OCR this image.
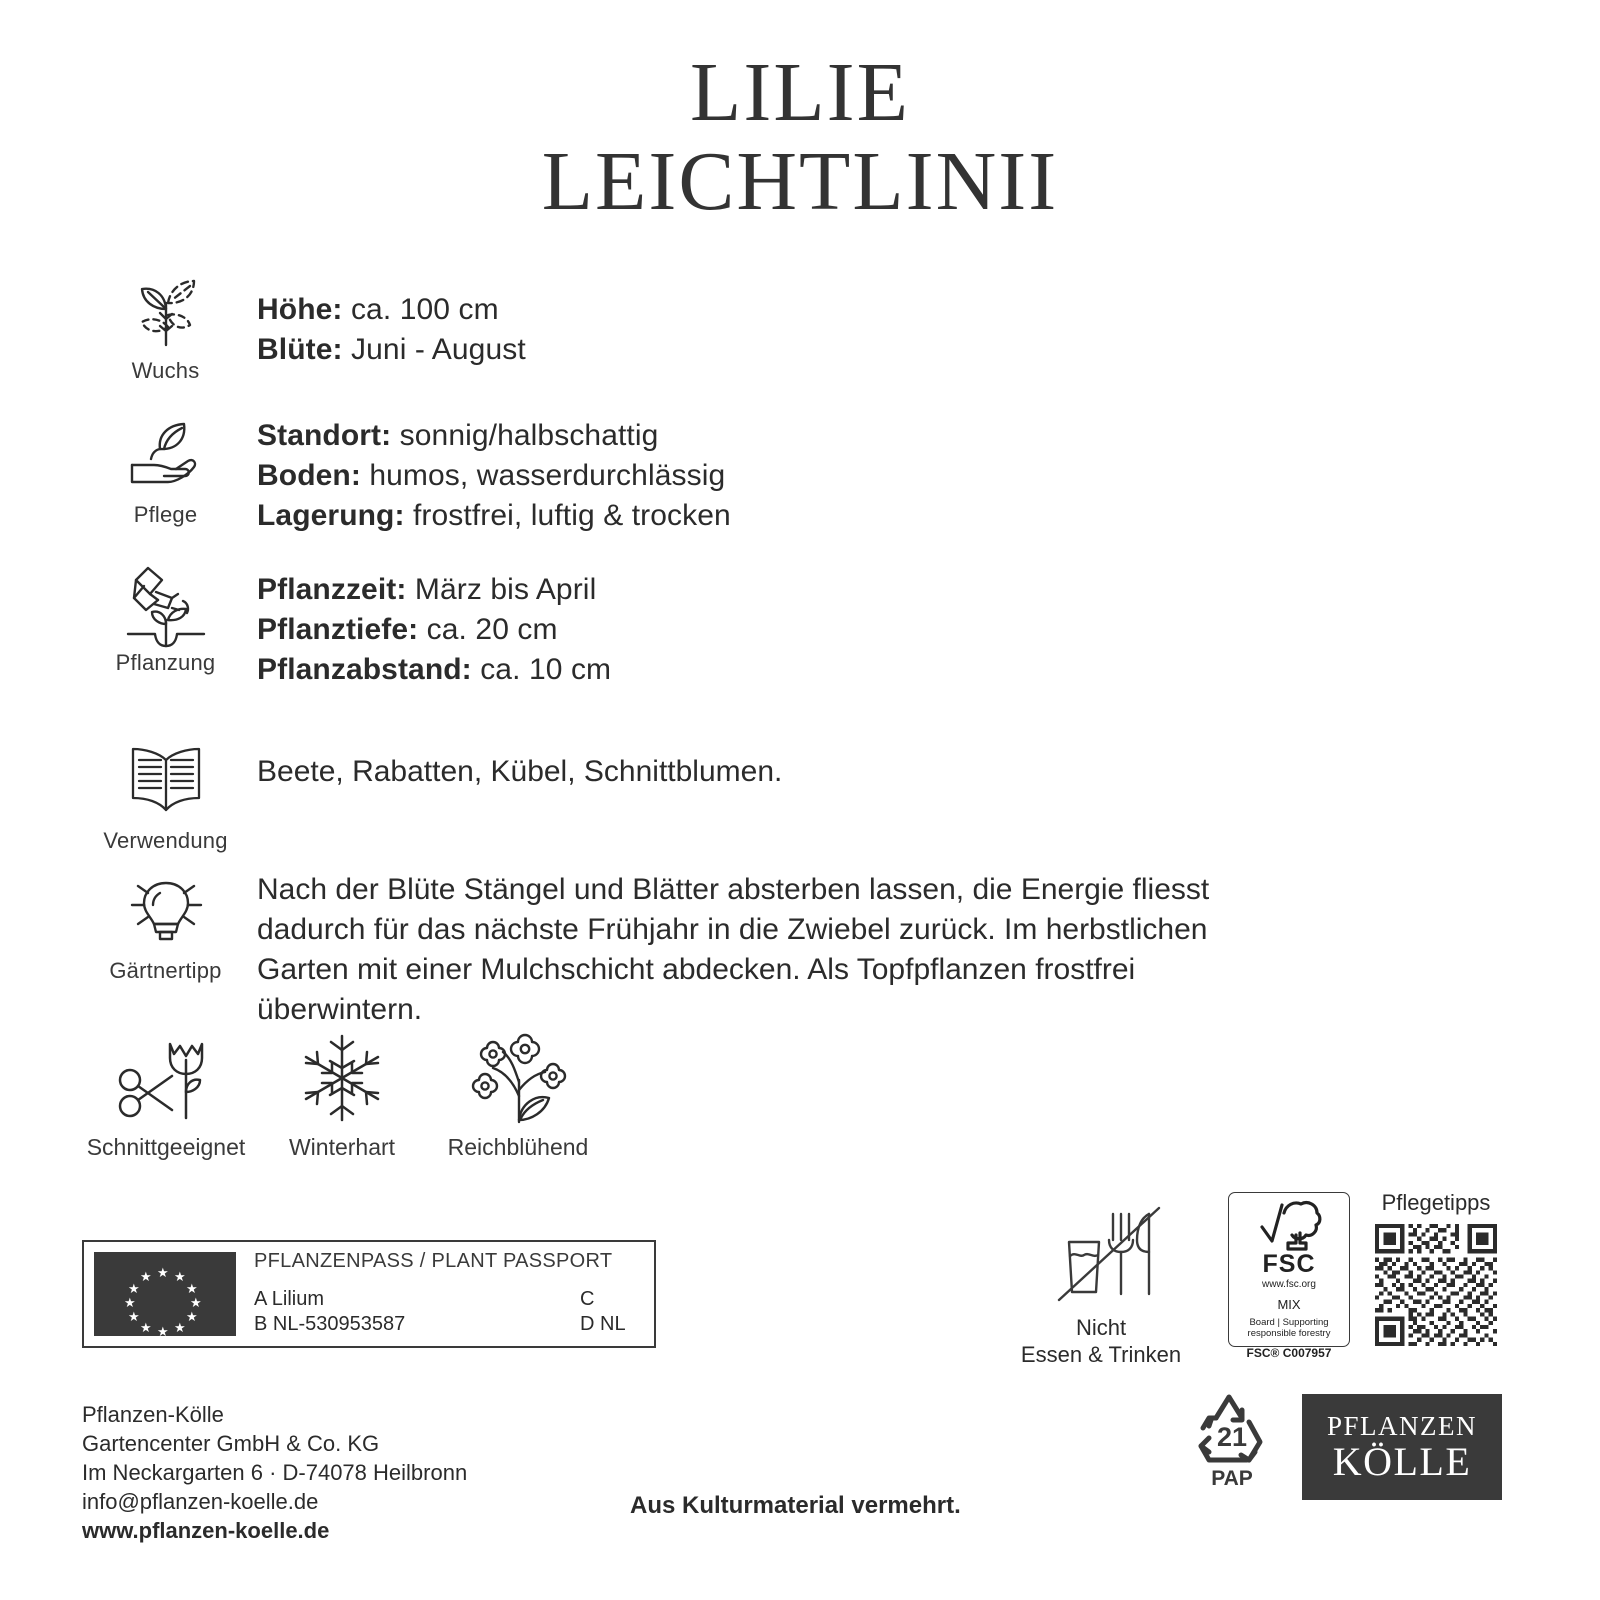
LILIE
LEICHTLINII
Wuchs
Höhe: ca. 100 cm
Blüte: Juni - August
Pflege
Standort: sonnig/halbschattig
Boden: humos, wasserdurchlässig
Lagerung: frostfrei, luftig & trocken
Pflanzung
Pflanzzeit: März bis April
Pflanztiefe: ca. 20 cm
Pflanzabstand: ca. 10 cm
Verwendung
Beete, Rabatten, Kübel, Schnittblumen.
Gärtnertipp
Nach der Blüte Stängel und Blätter absterben lassen, die Energie fliesst dadurch für das nächste Frühjahr in die Zwiebel zurück. Im herbstlichen Garten mit einer Mulchschicht abdecken. Als Topfpflanzen frostfrei überwintern.
Schnittgeeignet Winterhart Reichblühend
★
★ ★
★	★
★	★
★	★
★ ★
★
PFLANZENPASS / PLANT PASSPORT
A Lilium	C
B NL-530953587	D NL
Pflanzen-Kölle
Gartencenter GmbH & Co. KG
Im Neckargarten 6 · D-74078 Heilbronn
info@pflanzen-koelle.de
www.pflanzen-koelle.de
Aus Kulturmaterial vermehrt.
Nicht
Essen & Trinken
FSC
www.fsc.org
MIX
Board | Supporting
responsible forestry
FSC® C007957
Pflegetipps
21
PAP
PFLANZEN
KÖLLE
